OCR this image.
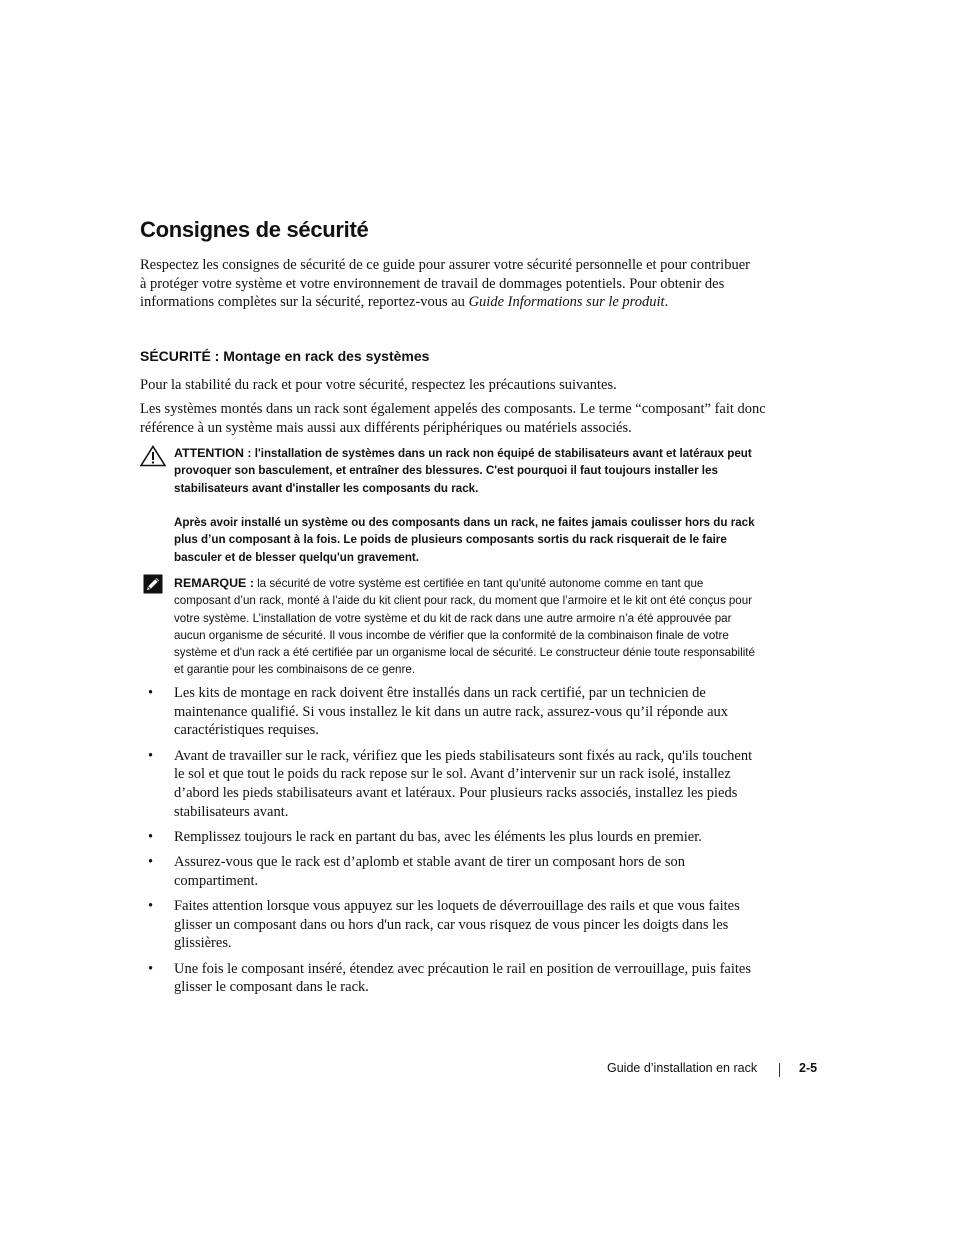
Consignes de sécurité

Respectez les consignes de sécurité de ce guide pour assurer votre sécurité personnelle et pour contribuer à protéger votre système et votre environnement de travail de dommages potentiels. Pour obtenir des informations complètes sur la sécurité, reportez-vous au Guide Informations sur le produit.

SÉCURITÉ : Montage en rack des systèmes

Pour la stabilité du rack et pour votre sécurité, respectez les précautions suivantes.

Les systèmes montés dans un rack sont également appelés des composants. Le terme “composant” fait donc référence à un système mais aussi aux différents périphériques ou matériels associés.

ATTENTION : l'installation de systèmes dans un rack non équipé de stabilisateurs avant et latéraux peut provoquer son basculement, et entraîner des blessures. C'est pourquoi il faut toujours installer les stabilisateurs avant d'installer les composants du rack.

Après avoir installé un système ou des composants dans un rack, ne faites jamais coulisser hors du rack plus d’un composant à la fois. Le poids de plusieurs composants sortis du rack risquerait de le faire basculer et de blesser quelqu'un gravement.

REMARQUE : la sécurité de votre système est certifiée en tant qu'unité autonome comme en tant que composant d’un rack, monté à l’aide du kit client pour rack, du moment que l’armoire et le kit ont été conçus pour votre système. L’installation de votre système et du kit de rack dans une autre armoire n’a été approuvée par aucun organisme de sécurité. Il vous incombe de vérifier que la conformité de la combinaison finale de votre système et d'un rack a été certifiée par un organisme local de sécurité. Le constructeur dénie toute responsabilité et garantie pour les combinaisons de ce genre.

• Les kits de montage en rack doivent être installés dans un rack certifié, par un technicien de maintenance qualifié. Si vous installez le kit dans un autre rack, assurez-vous qu’il réponde aux caractéristiques requises.
• Avant de travailler sur le rack, vérifiez que les pieds stabilisateurs sont fixés au rack, qu'ils touchent le sol et que tout le poids du rack repose sur le sol. Avant d’intervenir sur un rack isolé, installez d’abord les pieds stabilisateurs avant et latéraux. Pour plusieurs racks associés, installez les pieds stabilisateurs avant.
• Remplissez toujours le rack en partant du bas, avec les éléments les plus lourds en premier.
• Assurez-vous que le rack est d’aplomb et stable avant de tirer un composant hors de son compartiment.
• Faites attention lorsque vous appuyez sur les loquets de déverrouillage des rails et que vous faites glisser un composant dans ou hors d'un rack, car vous risquez de vous pincer les doigts dans les glissières.
• Une fois le composant inséré, étendez avec précaution le rail en position de verrouillage, puis faites glisser le composant dans le rack.
Guide d’installation en rack	2-5
